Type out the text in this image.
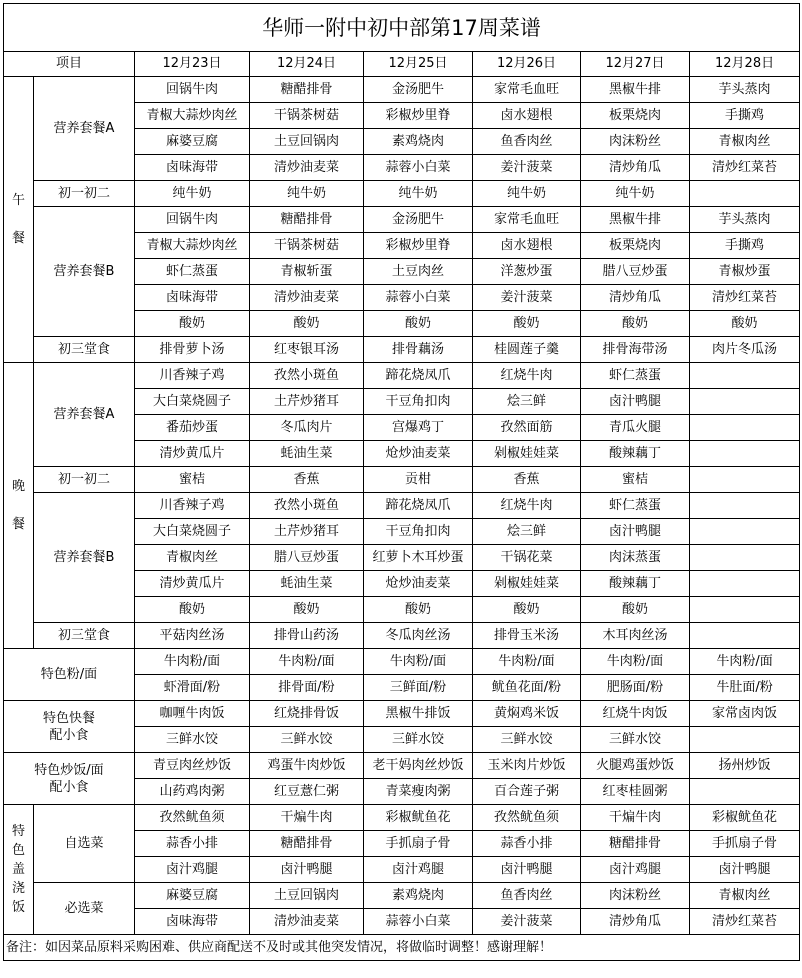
华师一附中初中部第17周菜谱							
项目		12月23日	12月24日	12月25日	12月26日	12月27日	12月28日
午

餐	营养套餐A	回锅牛肉	糖醋排骨	金汤肥牛	家常毛血旺	黑椒牛排	芋头蒸肉
		青椒大蒜炒肉丝	干锅茶树菇	彩椒炒里脊	卤水翅根	板栗烧肉	手撕鸡
		麻婆豆腐	土豆回锅肉	素鸡烧肉	鱼香肉丝	肉沫粉丝	青椒肉丝
		卤味海带	清炒油麦菜	蒜蓉小白菜	姜汁菠菜	清炒角瓜	清炒红菜苔
	初一初二	纯牛奶	纯牛奶	纯牛奶	纯牛奶	纯牛奶	
	营养套餐B	回锅牛肉	糖醋排骨	金汤肥牛	家常毛血旺	黑椒牛排	芋头蒸肉
		青椒大蒜炒肉丝	干锅茶树菇	彩椒炒里脊	卤水翅根	板栗烧肉	手撕鸡
		虾仁蒸蛋	青椒斩蛋	土豆肉丝	洋葱炒蛋	腊八豆炒蛋	青椒炒蛋
		卤味海带	清炒油麦菜	蒜蓉小白菜	姜汁菠菜	清炒角瓜	清炒红菜苔
		酸奶	酸奶	酸奶	酸奶	酸奶	酸奶
	初三堂食	排骨萝卜汤	红枣银耳汤	排骨藕汤	桂圆莲子羹	排骨海带汤	肉片冬瓜汤
晚

餐	营养套餐A	川香辣子鸡	孜然小斑鱼	蹄花烧凤爪	红烧牛肉	虾仁蒸蛋	
		大白菜烧圆子	土芹炒猪耳	干豆角扣肉	烩三鲜	卤汁鸭腿	
		番茄炒蛋	冬瓜肉片	宫爆鸡丁	孜然面筋	青瓜火腿	
		清炒黄瓜片	蚝油生菜	炝炒油麦菜	剁椒娃娃菜	酸辣藕丁	
	初一初二	蜜桔	香蕉	贡柑	香蕉	蜜桔	
	营养套餐B	川香辣子鸡	孜然小斑鱼	蹄花烧凤爪	红烧牛肉	虾仁蒸蛋	
		大白菜烧圆子	土芹炒猪耳	干豆角扣肉	烩三鲜	卤汁鸭腿	
		青椒肉丝	腊八豆炒蛋	红萝卜木耳炒蛋	干锅花菜	肉沫蒸蛋	
		清炒黄瓜片	蚝油生菜	炝炒油麦菜	剁椒娃娃菜	酸辣藕丁	
		酸奶	酸奶	酸奶	酸奶	酸奶	
	初三堂食	平菇肉丝汤	排骨山药汤	冬瓜肉丝汤	排骨玉米汤	木耳肉丝汤	
特色粉/面		牛肉粉/面	牛肉粉/面	牛肉粉/面	牛肉粉/面	牛肉粉/面	牛肉粉/面
		虾滑面/粉	排骨面/粉	三鲜面/粉	鱿鱼花面/粉	肥肠面/粉	牛肚面/粉
特色快餐
配小食		咖喱牛肉饭	红烧排骨饭	黑椒牛排饭	黄焖鸡米饭	红烧牛肉饭	家常卤肉饭
		三鲜水饺	三鲜水饺	三鲜水饺	三鲜水饺	三鲜水饺	
特色炒饭/面
配小食		青豆肉丝炒饭	鸡蛋牛肉炒饭	老干妈肉丝炒饭	玉米肉片炒饭	火腿鸡蛋炒饭	扬州炒饭
		山药鸡肉粥	红豆薏仁粥	青菜瘦肉粥	百合莲子粥	红枣桂圆粥	
特
色
盖
浇
饭	自选菜	孜然鱿鱼须	干煸牛肉	彩椒鱿鱼花	孜然鱿鱼须	干煸牛肉	彩椒鱿鱼花
		蒜香小排	糖醋排骨	手抓扇子骨	蒜香小排	糖醋排骨	手抓扇子骨
		卤汁鸡腿	卤汁鸭腿	卤汁鸡腿	卤汁鸭腿	卤汁鸡腿	卤汁鸭腿
	必选菜	麻婆豆腐	土豆回锅肉	素鸡烧肉	鱼香肉丝	肉沫粉丝	青椒肉丝
		卤味海带	清炒油麦菜	蒜蓉小白菜	姜汁菠菜	清炒角瓜	清炒红菜苔
备注：如因菜品原料采购困难、供应商配送不及时或其他突发情况，将做临时调整！感谢理解！							
